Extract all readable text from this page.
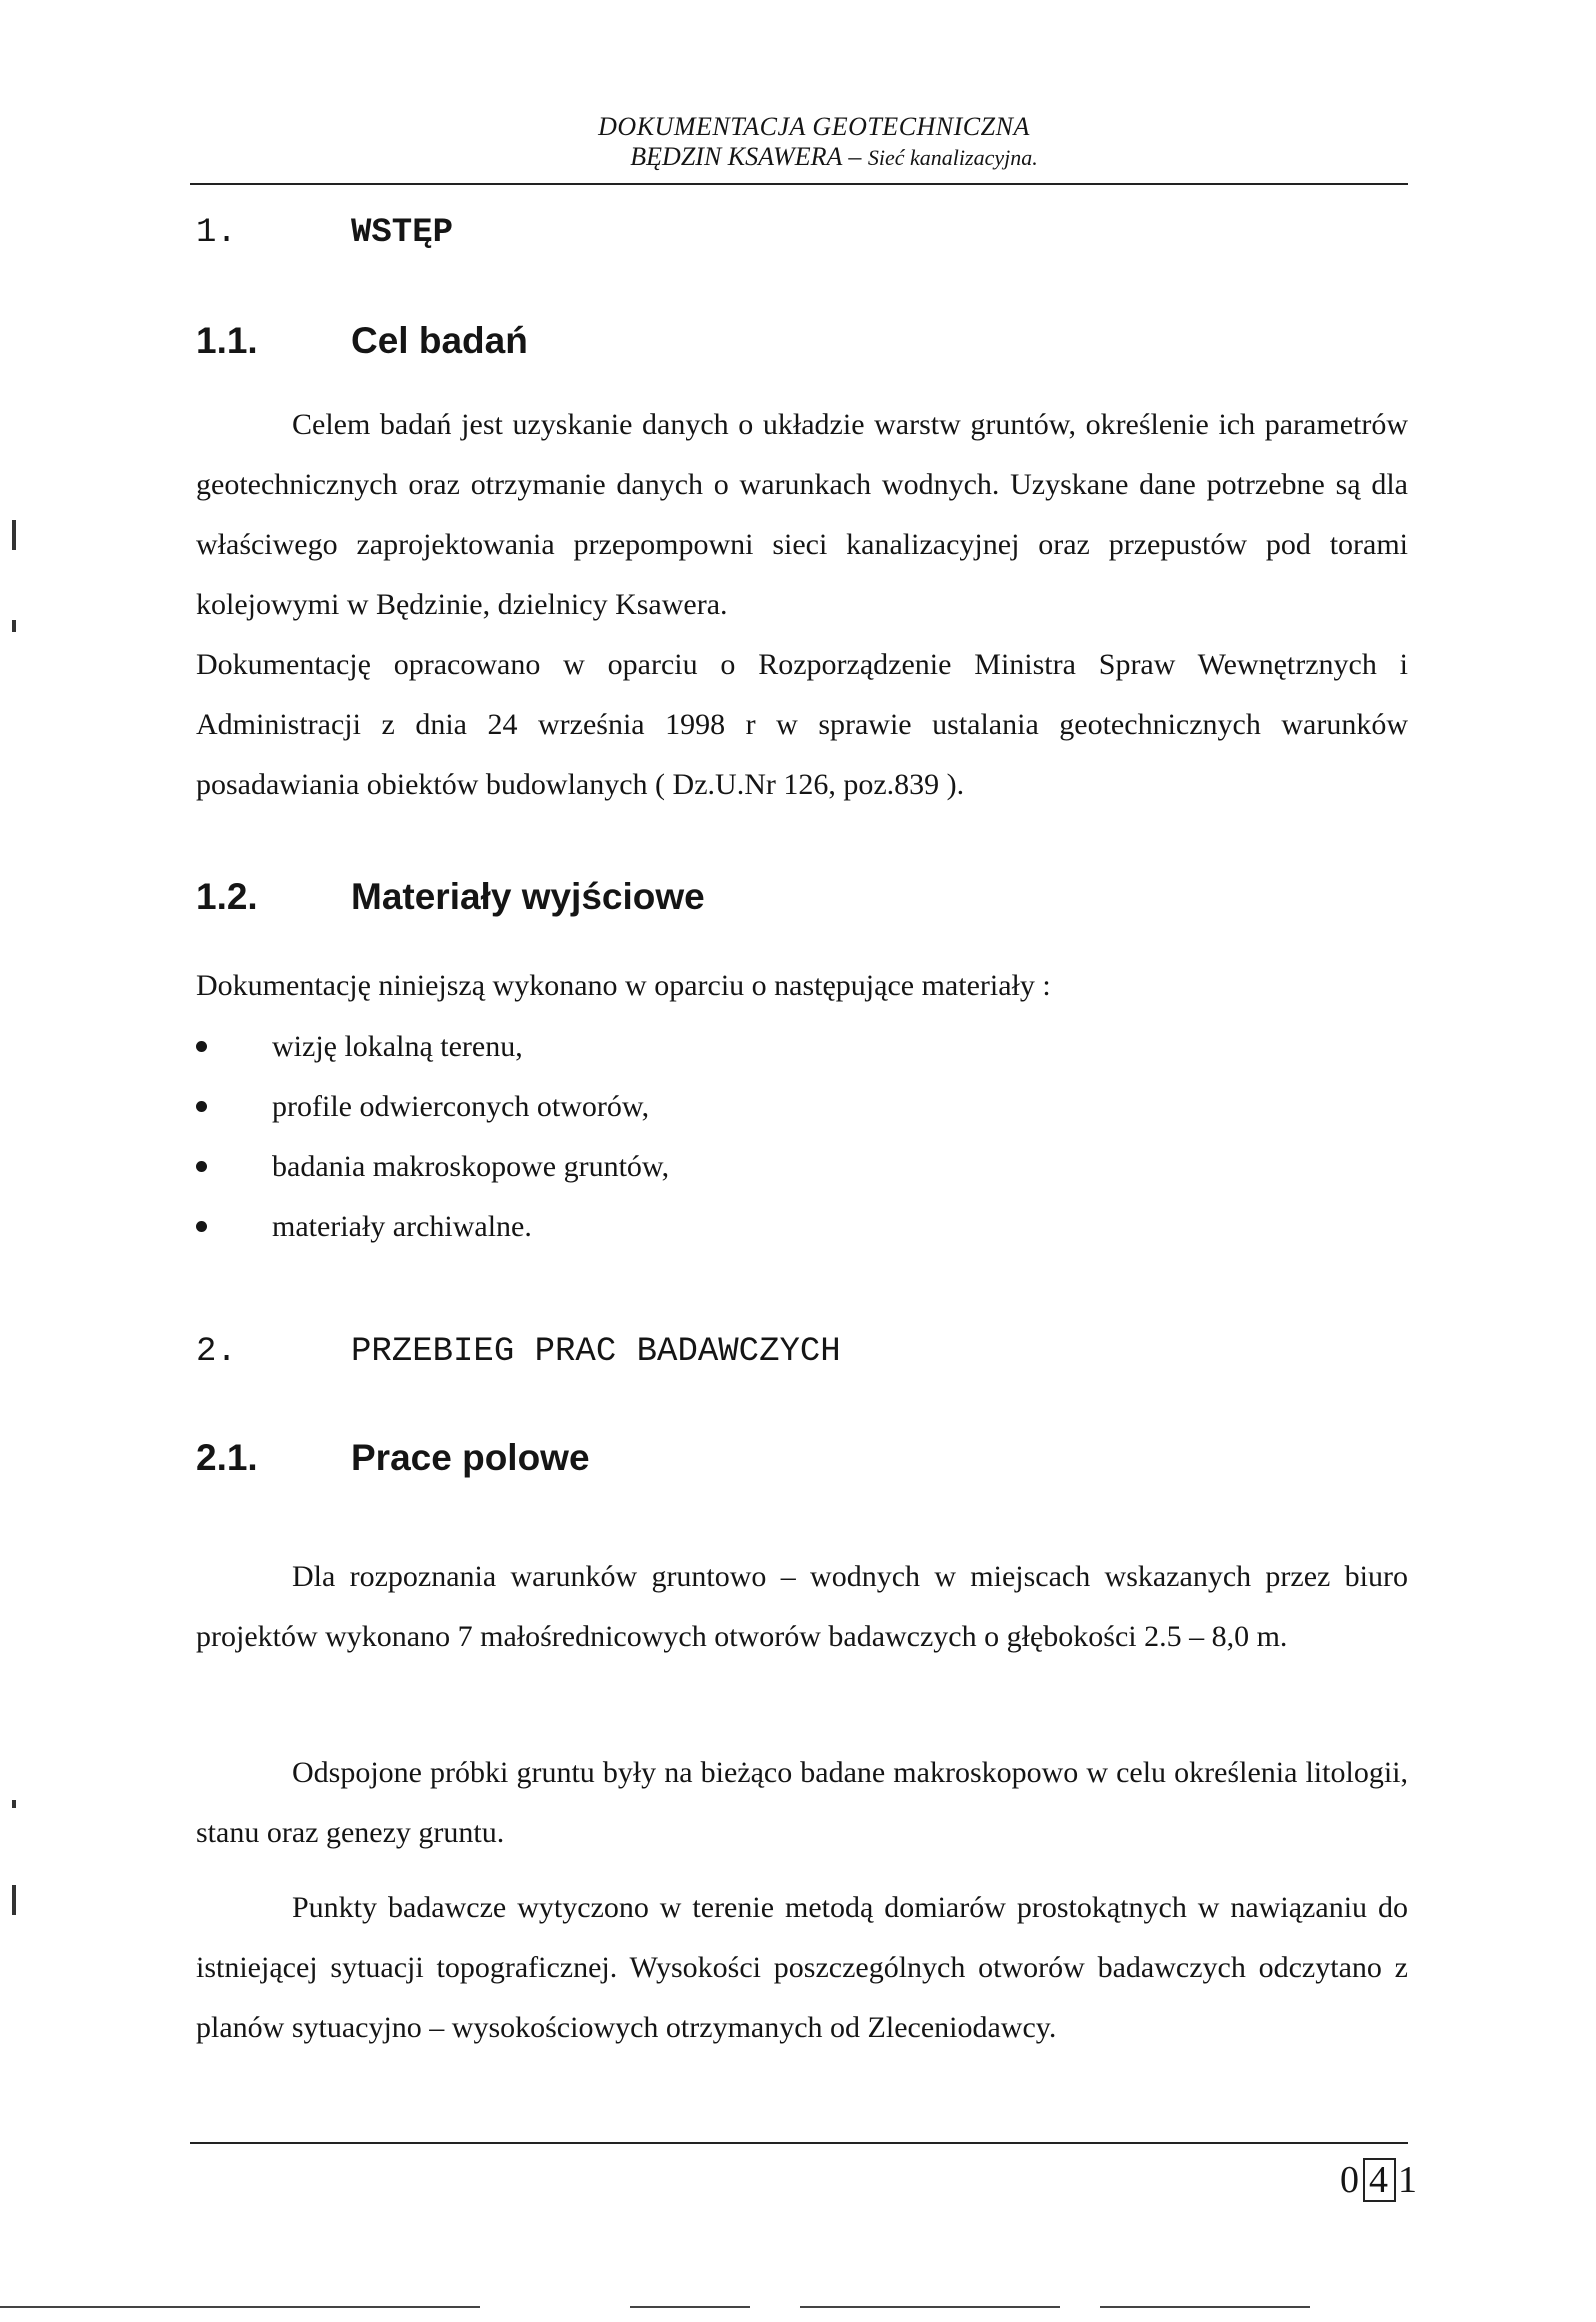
DOKUMENTACJA GEOTECHNICZNA
BĘDZIN KSAWERA – Sieć kanalizacyjna.
1.	WSTĘP
1.1.	Cel badań
Celem badań jest uzyskanie danych o układzie warstw gruntów, określenie ich parametrów geotechnicznych oraz otrzymanie danych o warunkach wodnych. Uzyskane dane potrzebne są dla właściwego zaprojektowania przepompowni sieci kanalizacyjnej oraz przepustów pod torami kolejowymi w Będzinie, dzielnicy Ksawera.
Dokumentację opracowano w oparciu o Rozporządzenie Ministra Spraw Wewnętrznych i Administracji z dnia 24 września 1998 r w sprawie ustalania geotechnicznych warunków posadawiania obiektów budowlanych ( Dz.U.Nr 126, poz.839 ).
1.2.	Materiały wyjściowe
Dokumentację niniejszą wykonano w oparciu o następujące materiały :
wizję lokalną terenu,
profile odwierconych otworów,
badania makroskopowe gruntów,
materiały archiwalne.
2.	PRZEBIEG PRAC BADAWCZYCH
2.1.	Prace polowe
Dla rozpoznania warunków gruntowo – wodnych w miejscach wskazanych przez biuro projektów wykonano 7 małośrednicowych otworów badawczych o głębokości 2.5 – 8,0 m.
Odspojone próbki gruntu były na bieżąco badane makroskopowo w celu określenia litologii, stanu oraz genezy gruntu.
Punkty badawcze wytyczono w terenie metodą domiarów prostokątnych w nawiązaniu do istniejącej sytuacji topograficznej. Wysokości poszczególnych otworów badawczych odczytano z planów sytuacyjno – wysokościowych otrzymanych od Zleceniodawcy.
0 4 1
